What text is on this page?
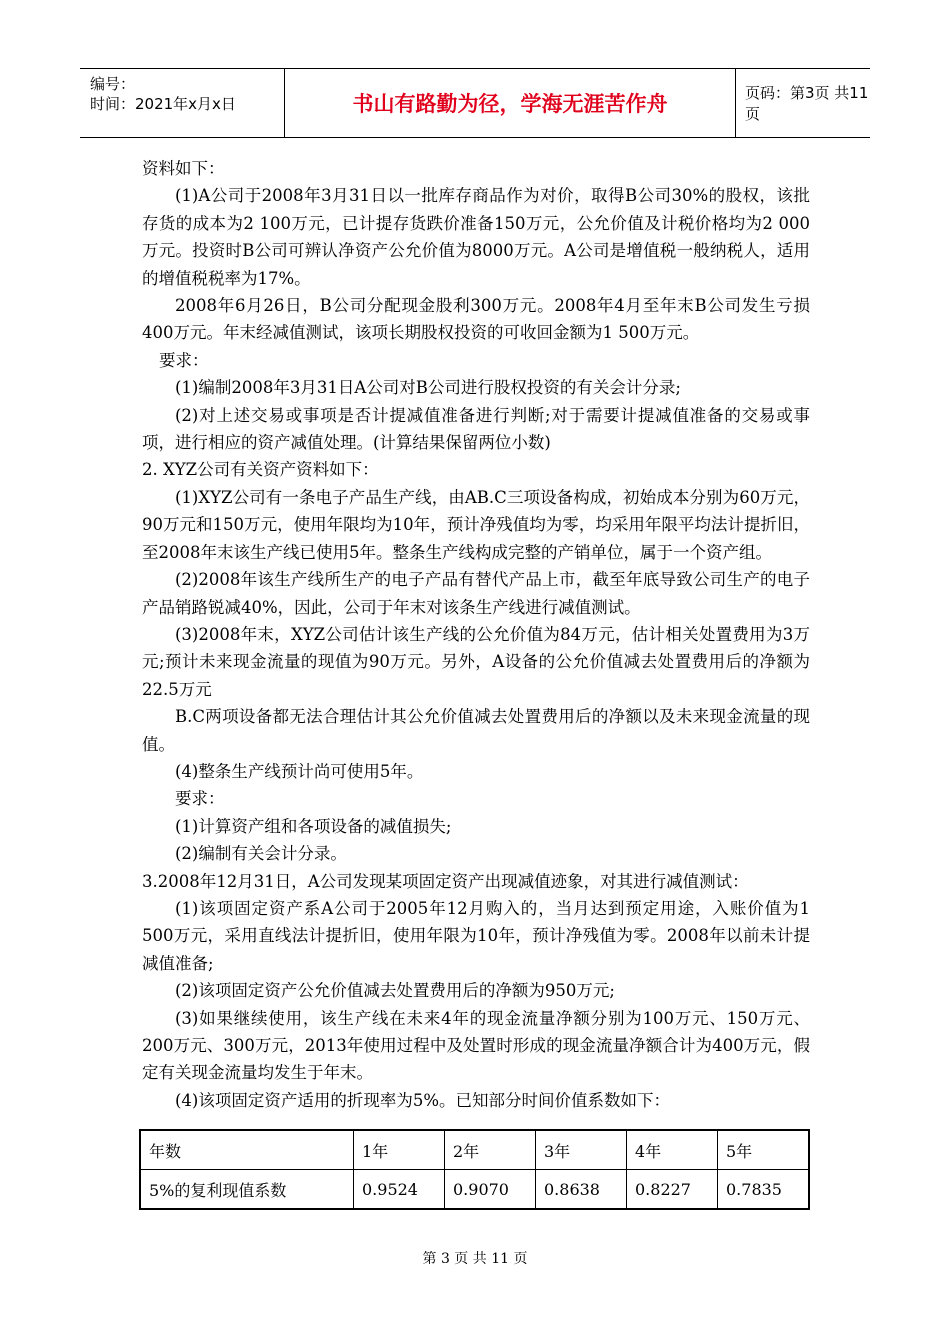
编号：
时间：2021年x月x日	书山有路勤为径，学海无涯苦作舟	页码：第3页 共11页

资料如下：

(1)A公司于2008年3月31日以一批库存商品作为对价，取得B公司30%的股权，该批存货的成本为2 100万元，已计提存货跌价准备150万元，公允价值及计税价格均为2 000万元。投资时B公司可辨认净资产公允价值为8000万元。A公司是增值税一般纳税人，适用的增值税税率为17%。

2008年6月26日，B公司分配现金股利300万元。2008年4月至年末B公司发生亏损400万元。年末经减值测试，该项长期股权投资的可收回金额为1 500万元。

要求：

(1)编制2008年3月31日A公司对B公司进行股权投资的有关会计分录;

(2)对上述交易或事项是否计提减值准备进行判断;对于需要计提减值准备的交易或事项，进行相应的资产减值处理。(计算结果保留两位小数)

2. XYZ公司有关资产资料如下：

(1)XYZ公司有一条电子产品生产线，由AB.C三项设备构成，初始成本分别为60万元，90万元和150万元，使用年限均为10年，预计净残值均为零，均采用年限平均法计提折旧，至2008年末该生产线已使用5年。整条生产线构成完整的产销单位，属于一个资产组。

(2)2008年该生产线所生产的电子产品有替代产品上市，截至年底导致公司生产的电子产品销路锐减40%，因此，公司于年末对该条生产线进行减值测试。

(3)2008年末，XYZ公司估计该生产线的公允价值为84万元，估计相关处置费用为3万元;预计未来现金流量的现值为90万元。另外，A设备的公允价值减去处置费用后的净额为22.5万元

B.C两项设备都无法合理估计其公允价值减去处置费用后的净额以及未来现金流量的现值。

(4)整条生产线预计尚可使用5年。

要求：

(1)计算资产组和各项设备的减值损失;

(2)编制有关会计分录。

3.2008年12月31日，A公司发现某项固定资产出现减值迹象，对其进行减值测试：

(1)该项固定资产系A公司于2005年12月购入的，当月达到预定用途，入账价值为1 500万元，采用直线法计提折旧，使用年限为10年，预计净残值为零。2008年以前未计提减值准备;

(2)该项固定资产公允价值减去处置费用后的净额为950万元;

(3)如果继续使用，该生产线在未来4年的现金流量净额分别为100万元、150万元、200万元、300万元，2013年使用过程中及处置时形成的现金流量净额合计为400万元，假定有关现金流量均发生于年末。

(4)该项固定资产适用的折现率为5%。已知部分时间价值系数如下：

年数	1年	2年	3年	4年	5年
5%的复利现值系数	0.9524	0.9070	0.8638	0.8227	0.7835
第 3 页 共 11 页
